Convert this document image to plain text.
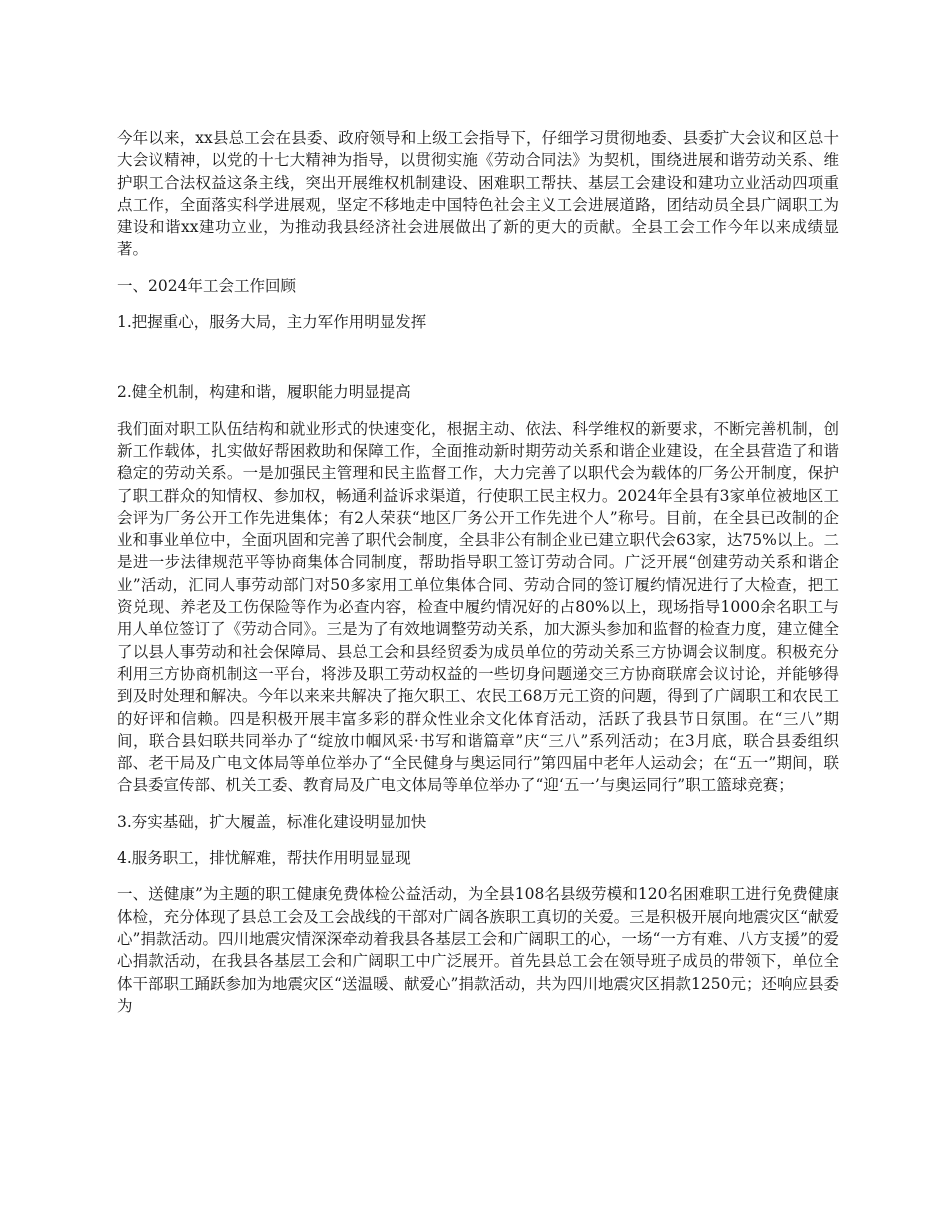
今年以来，xx县总工会在县委、政府领导和上级工会指导下，仔细学习贯彻地委、县委扩大会议和区总十大会议精神，以党的十七大精神为指导，以贯彻实施《劳动合同法》为契机，围绕进展和谐劳动关系、维护职工合法权益这条主线，突出开展维权机制建设、困难职工帮扶、基层工会建设和建功立业活动四项重点工作，全面落实科学进展观，坚定不移地走中国特色社会主义工会进展道路，团结动员全县广阔职工为建设和谐xx建功立业，为推动我县经济社会进展做出了新的更大的贡献。全县工会工作今年以来成绩显著。

一、2024年工会工作回顾

1.把握重心，服务大局，主力军作用明显发挥

2.健全机制，构建和谐，履职能力明显提高

我们面对职工队伍结构和就业形式的快速变化，根据主动、依法、科学维权的新要求，不断完善机制，创新工作载体，扎实做好帮困救助和保障工作，全面推动新时期劳动关系和谐企业建设，在全县营造了和谐稳定的劳动关系。一是加强民主管理和民主监督工作，大力完善了以职代会为载体的厂务公开制度，保护了职工群众的知情权、参加权，畅通利益诉求渠道，行使职工民主权力。2024年全县有3家单位被地区工会评为厂务公开工作先进集体；有2人荣获“地区厂务公开工作先进个人”称号。目前，在全县已改制的企业和事业单位中，全面巩固和完善了职代会制度，全县非公有制企业已建立职代会63家，达75%以上。二是进一步法律规范平等协商集体合同制度，帮助指导职工签订劳动合同。广泛开展“创建劳动关系和谐企业”活动，汇同人事劳动部门对50多家用工单位集体合同、劳动合同的签订履约情况进行了大检查，把工资兑现、养老及工伤保险等作为必查内容，检查中履约情况好的占80%以上，现场指导1000余名职工与用人单位签订了《劳动合同》。三是为了有效地调整劳动关系，加大源头参加和监督的检查力度，建立健全了以县人事劳动和社会保障局、县总工会和县经贸委为成员单位的劳动关系三方协调会议制度。积极充分利用三方协商机制这一平台，将涉及职工劳动权益的一些切身问题递交三方协商联席会议讨论，并能够得到及时处理和解决。今年以来来共解决了拖欠职工、农民工68万元工资的问题，得到了广阔职工和农民工的好评和信赖。四是积极开展丰富多彩的群众性业余文化体育活动，活跃了我县节日氛围。在“三八”期间，联合县妇联共同举办了“绽放巾帼风采·书写和谐篇章”庆“三八”系列活动；在3月底，联合县委组织部、老干局及广电文体局等单位举办了“全民健身与奥运同行”第四届中老年人运动会；在“五一”期间，联合县委宣传部、机关工委、教育局及广电文体局等单位举办了“迎‘五一’与奥运同行”职工篮球竞赛；

3.夯实基础，扩大履盖，标准化建设明显加快

4.服务职工，排忧解难，帮扶作用明显显现

一、送健康”为主题的职工健康免费体检公益活动，为全县108名县级劳模和120名困难职工进行免费健康体检，充分体现了县总工会及工会战线的干部对广阔各族职工真切的关爱。三是积极开展向地震灾区“献爱心”捐款活动。四川地震灾情深深牵动着我县各基层工会和广阔职工的心，一场“一方有难、八方支援”的爱心捐款活动，在我县各基层工会和广阔职工中广泛展开。首先县总工会在领导班子成员的带领下，单位全体干部职工踊跃参加为地震灾区“送温暖、献爱心”捐款活动，共为四川地震灾区捐款1250元；还响应县委为
